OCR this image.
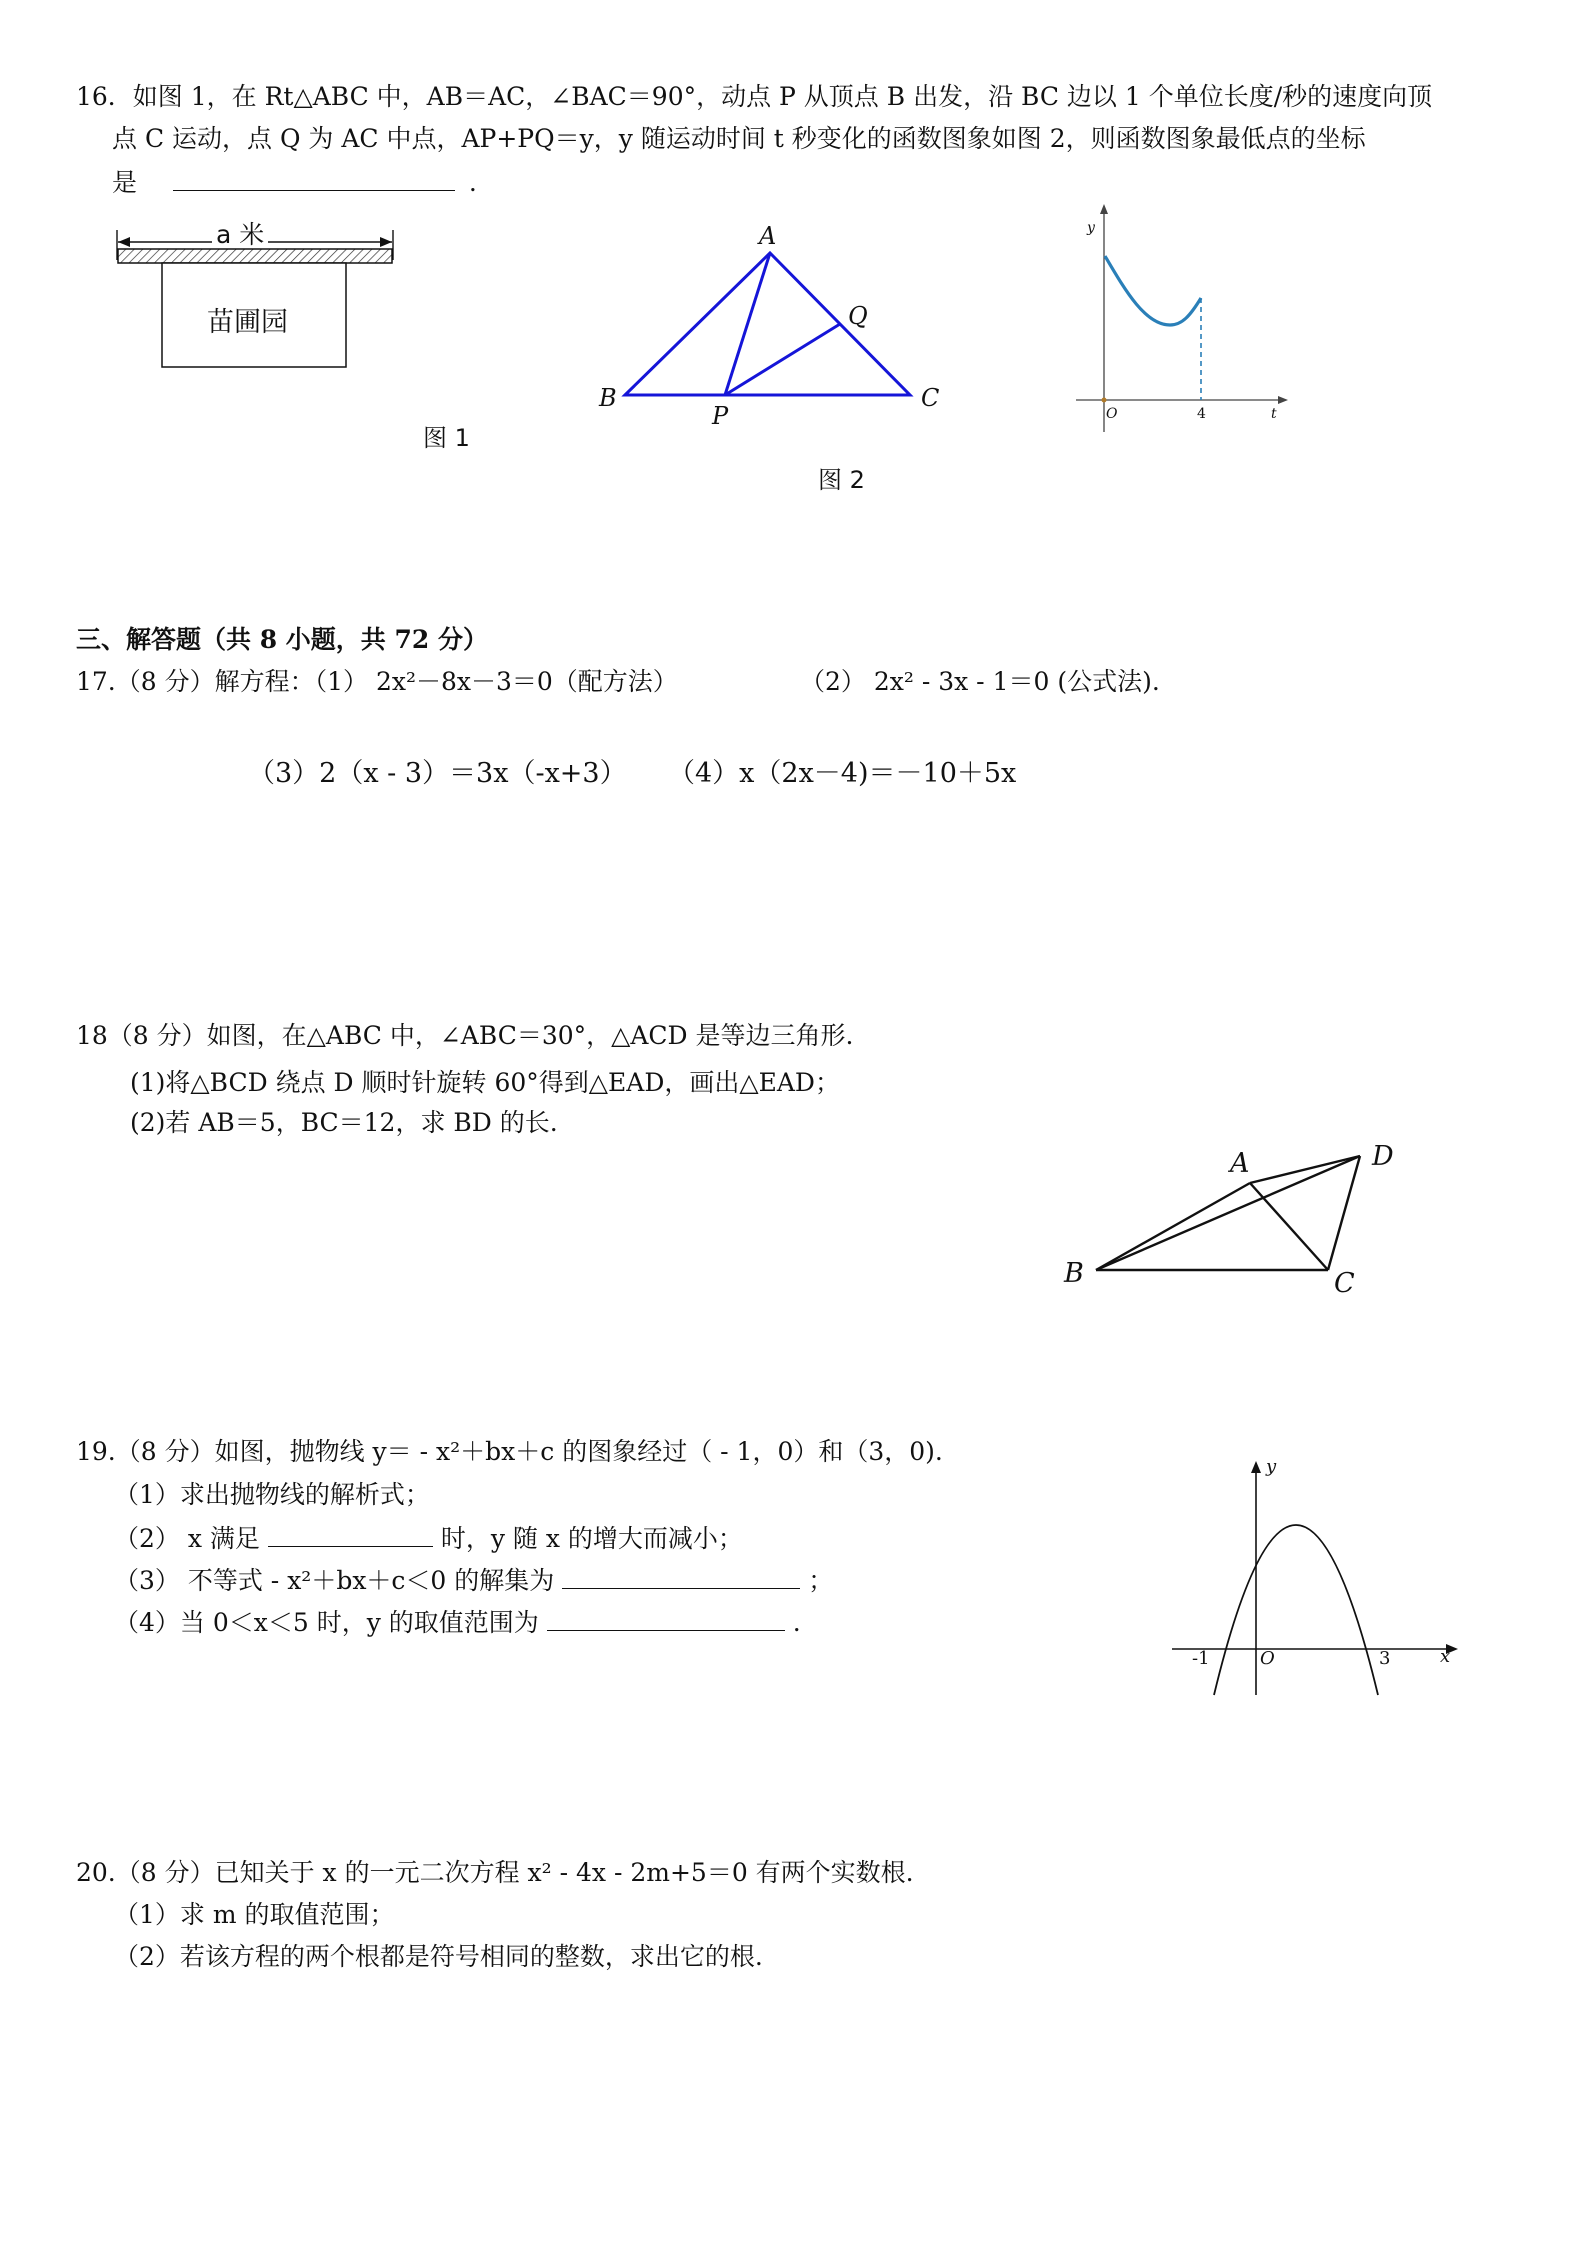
16．如图 1，在 Rt△ABC 中，AB＝AC，∠BAC＝90°，动点 P 从顶点 B 出发，沿 BC 边以 1 个单位长度/秒的速度向顶
点 C 运动，点 Q 为 AC 中点，AP+PQ＝y，y 随运动时间 t 秒变化的函数图象如图 2，则函数图象最低点的坐标
是	.
a 米
苗圃园
图 1
A
B	C
P
Q
图 2
y
O	4	t
三、解答题（共 8 小题，共 72 分）
17.（8 分）解方程：（1） 2x²－8x－3＝0（配方法）	（2） 2x² - 3x - 1＝0 (公式法).
（3）2（x - 3）＝3x（-x+3） （4）x（2x－4)＝－10＋5x
18（8 分）如图，在△ABC 中，∠ABC＝30°，△ACD 是等边三角形.
(1)将△BCD 绕点 D 顺时针旋转 60°得到△EAD，画出△EAD；
(2)若 AB＝5，BC＝12，求 BD 的长.
A
B	C
D
19.（8 分）如图，抛物线 y＝ - x²＋bx＋c 的图象经过（ - 1，0）和（3，0).
（1）求出抛物线的解析式；
（2） x 满足	时，y 随 x 的增大而减小；
（3） 不等式 - x²＋bx＋c＜0 的解集为	；
（4）当 0＜x＜5 时，y 的取值范围为	.
y
x
O
-1	3
20.（8 分）已知关于 x 的一元二次方程 x² - 4x - 2m+5＝0 有两个实数根.
（1）求 m 的取值范围；
（2）若该方程的两个根都是符号相同的整数，求出它的根.
